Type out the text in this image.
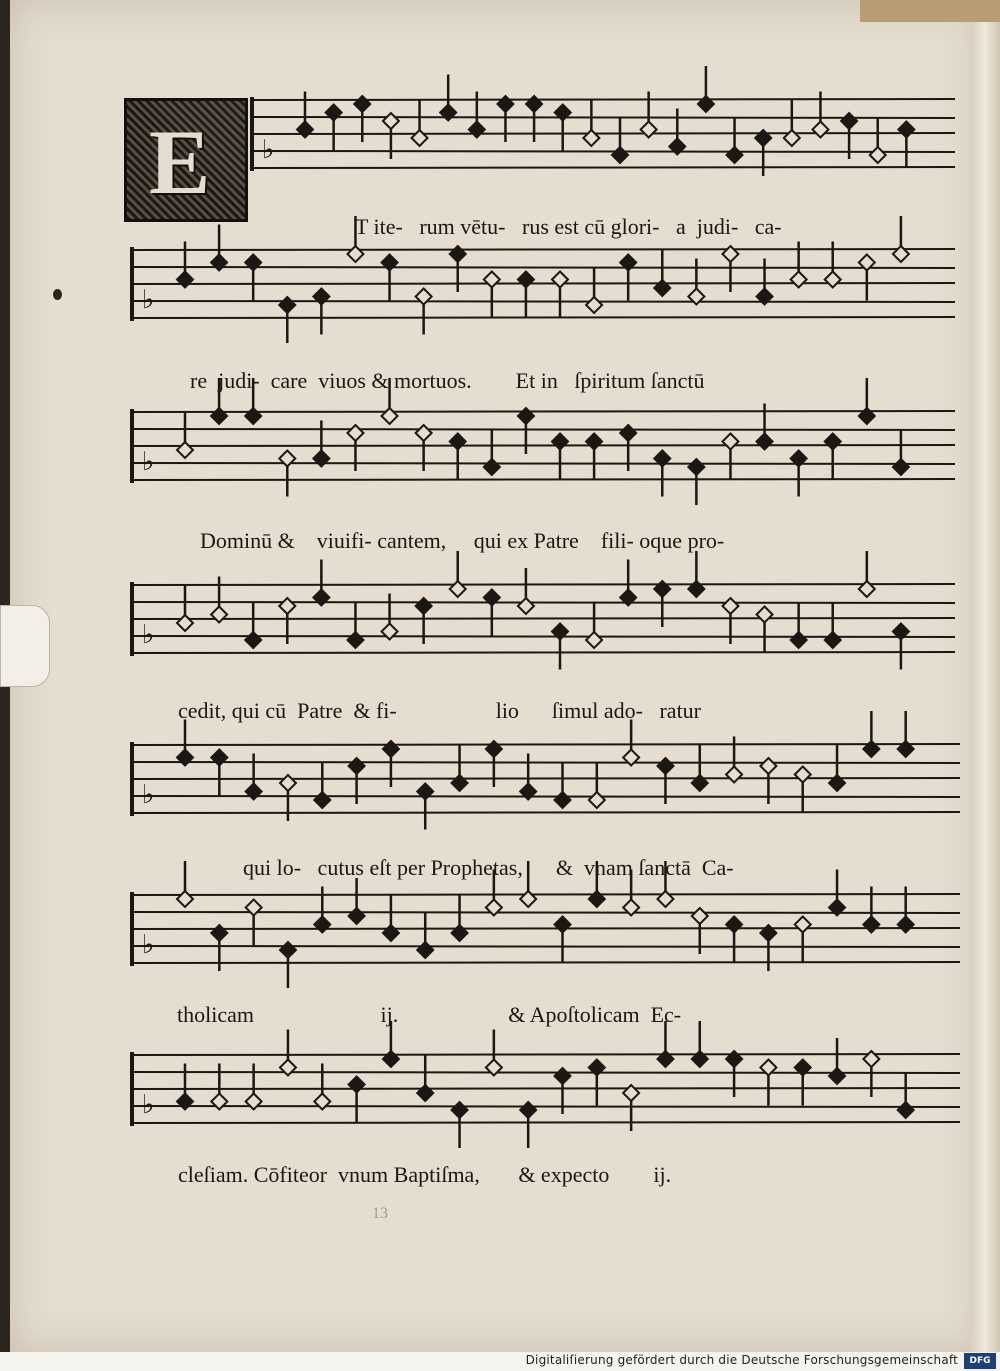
♭
♭
♭
♭
♭
♭
♭
E
T ite-   rum vētu-   rus est cū glori-   a  judi-   ca-
re  judi-  care  viuos & mortuos.        Et in   ſpiritum ſanctū
Dominū &    viuifi- cantem,     qui ex Patre    fili- oque pro-
cedit, qui cū  Patre  & fi-                  lio      ſimul ado-   ratur
qui lo-   cutus eſt per Prophetas,      &  vnam ſanctā  Ca-
tholicam                       ij.                    & Apoſtolicam  Ec-
cleſiam. Cōfiteor  vnum Baptiſma,       & expecto        ij.
13
Digitaliſierung gefördert durch die Deutsche Forschungsgemeinschaft	DFG
